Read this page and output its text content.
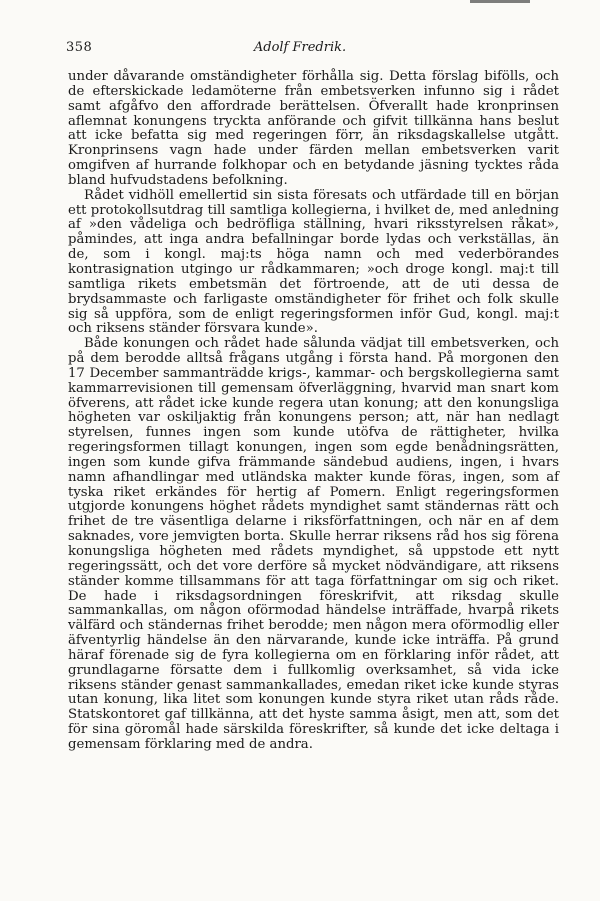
358	Adolf Fredrik.

under dåvarande omständigheter förhålla sig. Detta förslag bifölls, och de efterskickade ledamöterne från embetsverken infunno sig i rådet samt afgåfvo den affordrade berättelsen. Öfverallt hade kronprinsen aflemnat konungens tryckta anförande och gifvit tillkänna hans beslut att icke befatta sig med regeringen förr, än riksdagskallelse utgått. Kronprinsens vagn hade under färden mellan embetsverken varit omgifven af hurrande folkhopar och en betydande jäsning tycktes råda bland hufvudstadens befolkning.

Rådet vidhöll emellertid sin sista föresats och utfärdade till en början ett protokollsutdrag till samtliga kollegierna, i hvilket de, med anledning af »den vådeliga och bedröfliga ställning, hvari riksstyrelsen råkat», påmindes, att inga andra befallningar borde lydas och verkställas, än de, som i kongl. maj:ts höga namn och med vederbörandes kontrasignation utgingo ur rådkammaren; »och droge kongl. maj:t till samtliga rikets embetsmän det förtroende, att de uti dessa de brydsammaste och farligaste omständigheter för frihet och folk skulle sig så uppföra, som de enligt regeringsformen inför Gud, kongl. maj:t och riksens ständer försvara kunde».

Både konungen och rådet hade sålunda vädjat till embetsverken, och på dem berodde alltså frågans utgång i första hand. På morgonen den 17 December sammanträdde krigs-, kammar- och bergskollegierna samt kammarrevisionen till gemensam öfverläggning, hvarvid man snart kom öfverens, att rådet icke kunde regera utan konung; att den konungsliga högheten var oskiljaktig från konungens person; att, när han nedlagt styrelsen, funnes ingen som kunde utöfva de rättigheter, hvilka regeringsformen tillagt konungen, ingen som egde benådningsrätten, ingen som kunde gifva främmande sändebud audiens, ingen, i hvars namn afhandlingar med utländska makter kunde föras, ingen, som af tyska riket erkändes för hertig af Pomern. Enligt regeringsformen utgjorde konungens höghet rådets myndighet samt ständernas rätt och frihet de tre väsentliga delarne i riksförfattningen, och när en af dem saknades, vore jemvigten borta. Skulle herrar riksens råd hos sig förena konungsliga högheten med rådets myndighet, så uppstode ett nytt regeringssätt, och det vore derföre så mycket nödvändigare, att riksens ständer komme tillsammans för att taga författningar om sig och riket. De hade i riksdagsordningen föreskrifvit, att riksdag skulle sammankallas, om någon oförmodad händelse inträffade, hvarpå rikets välfärd och ständernas frihet berodde; men någon mera oförmodlig eller äfventyrlig händelse än den närvarande, kunde icke inträffa. På grund häraf förenade sig de fyra kollegierna om en förklaring inför rådet, att grundlagarne försatte dem i fullkomlig overksamhet, så vida icke riksens ständer genast sammankallades, emedan riket icke kunde styras utan konung, lika litet som konungen kunde styra riket utan råds råde. Statskontoret gaf tillkänna, att det hyste samma åsigt, men att, som det för sina göromål hade särskilda föreskrifter, så kunde det icke deltaga i gemensam förklaring med de andra.
